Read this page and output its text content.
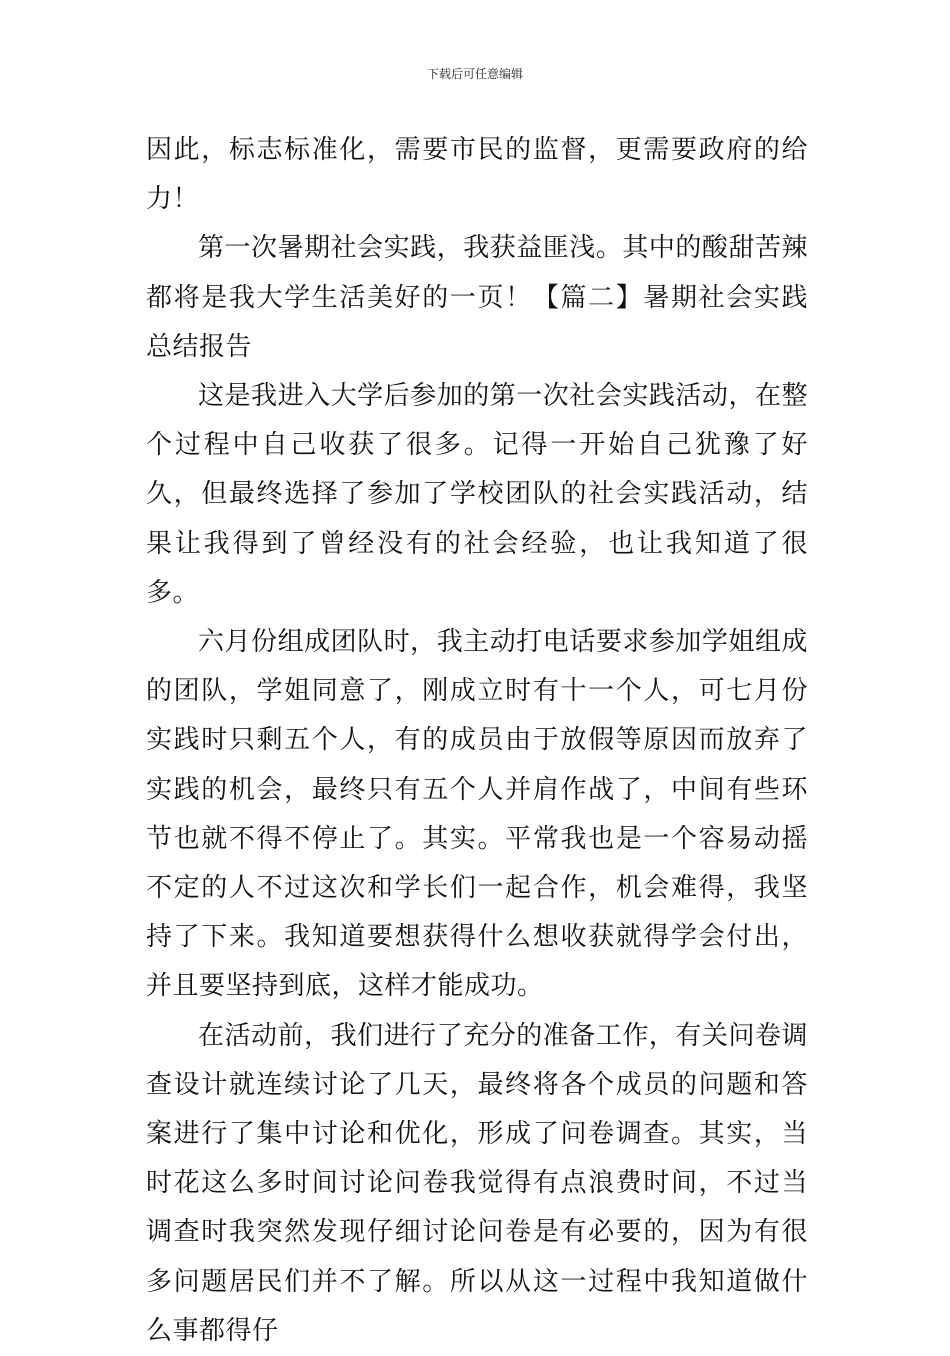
下载后可任意编辑

因此，标志标准化，需要市民的监督，更需要政府的给力！

第一次暑期社会实践，我获益匪浅。其中的酸甜苦辣都将是我大学生活美好的一页！【篇二】暑期社会实践总结报告

这是我进入大学后参加的第一次社会实践活动，在整个过程中自己收获了很多。记得一开始自己犹豫了好久，但最终选择了参加了学校团队的社会实践活动，结果让我得到了曾经没有的社会经验，也让我知道了很多。

六月份组成团队时，我主动打电话要求参加学姐组成的团队，学姐同意了，刚成立时有十一个人，可七月份实践时只剩五个人，有的成员由于放假等原因而放弃了实践的机会，最终只有五个人并肩作战了，中间有些环节也就不得不停止了。其实。平常我也是一个容易动摇不定的人不过这次和学长们一起合作，机会难得，我坚持了下来。我知道要想获得什么想收获就得学会付出，并且要坚持到底，这样才能成功。

在活动前，我们进行了充分的准备工作，有关问卷调查设计就连续讨论了几天，最终将各个成员的问题和答案进行了集中讨论和优化，形成了问卷调查。其实，当时花这么多时间讨论问卷我觉得有点浪费时间，不过当调查时我突然发现仔细讨论问卷是有必要的，因为有很多问题居民们并不了解。所以从这一过程中我知道做什么事都得仔
